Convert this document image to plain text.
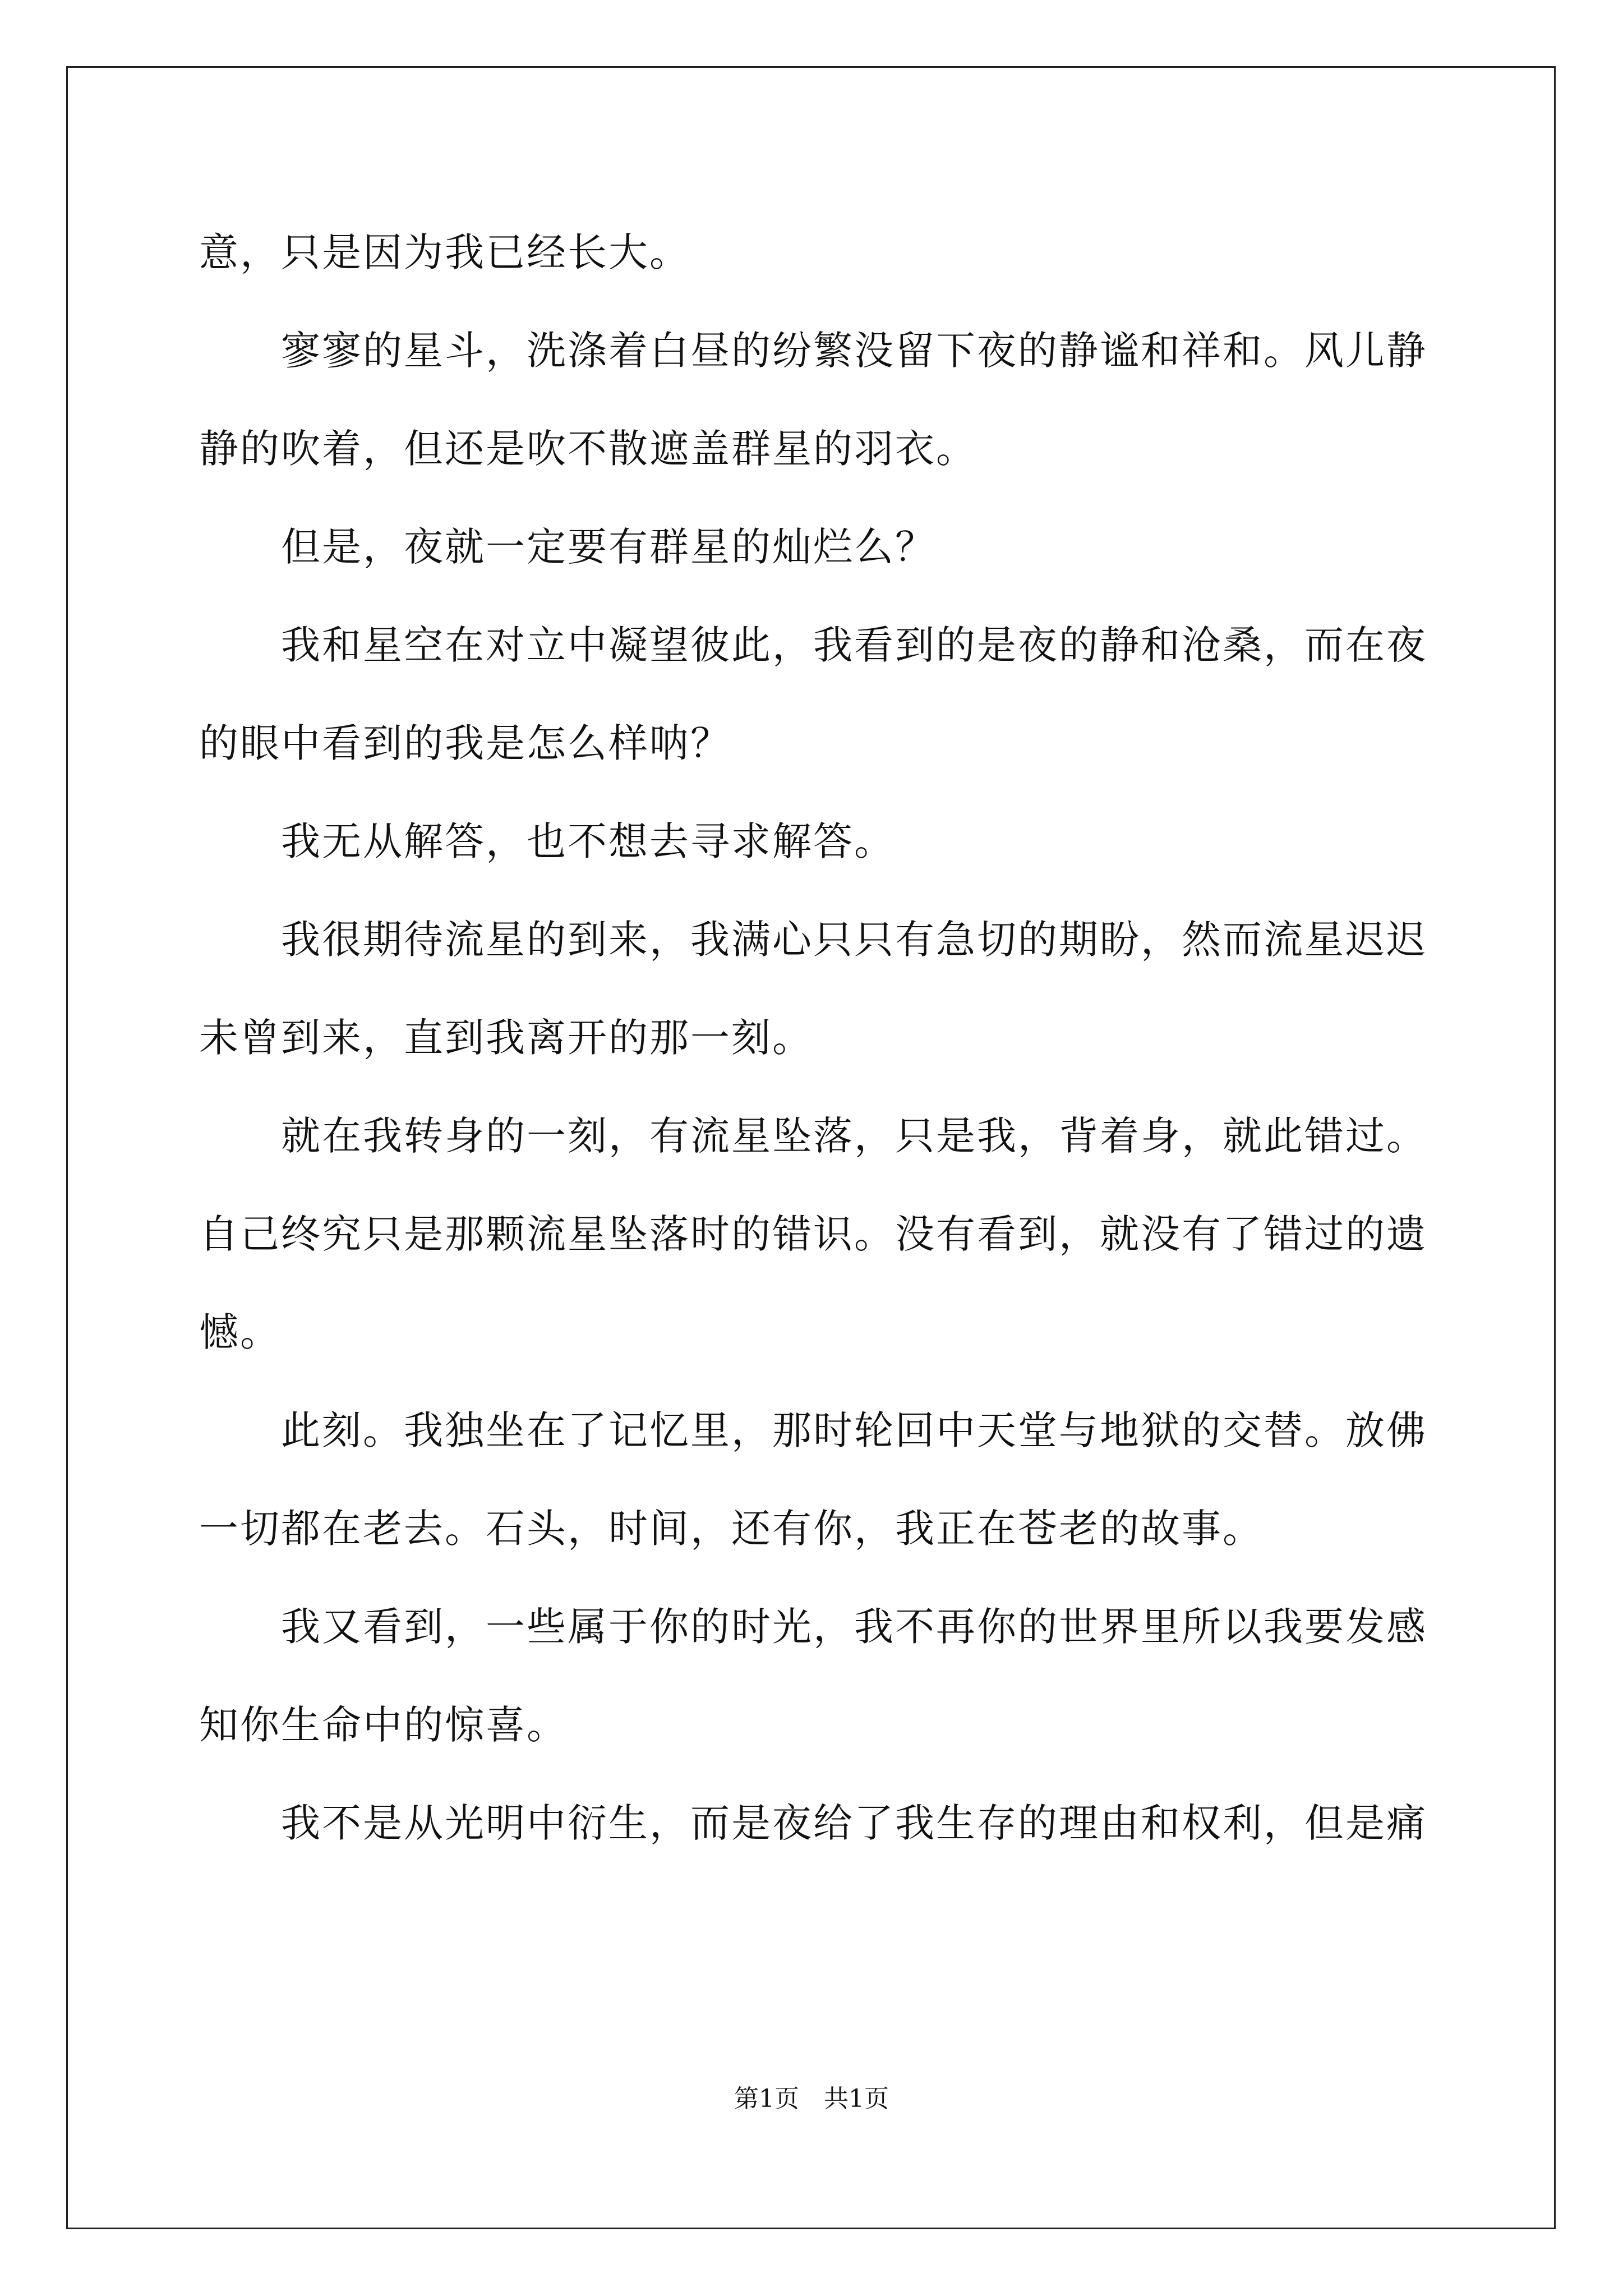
意，只是因为我已经长大。
　　寥寥的星斗，洗涤着白昼的纷繁没留下夜的静谧和祥和。风儿静
静的吹着，但还是吹不散遮盖群星的羽衣。
　　但是，夜就一定要有群星的灿烂么？
　　我和星空在对立中凝望彼此，我看到的是夜的静和沧桑，而在夜
的眼中看到的我是怎么样呐？
　　我无从解答，也不想去寻求解答。
　　我很期待流星的到来，我满心只只有急切的期盼，然而流星迟迟
未曾到来，直到我离开的那一刻。
　　就在我转身的一刻，有流星坠落，只是我，背着身，就此错过。
自己终究只是那颗流星坠落时的错识。没有看到，就没有了错过的遗
憾。
　　此刻。我独坐在了记忆里，那时轮回中天堂与地狱的交替。放佛
一切都在老去。石头，时间，还有你，我正在苍老的故事。
　　我又看到，一些属于你的时光，我不再你的世界里所以我要发感
知你生命中的惊喜。
　　我不是从光明中衍生，而是夜给了我生存的理由和权利，但是痛
第1页　共1页
